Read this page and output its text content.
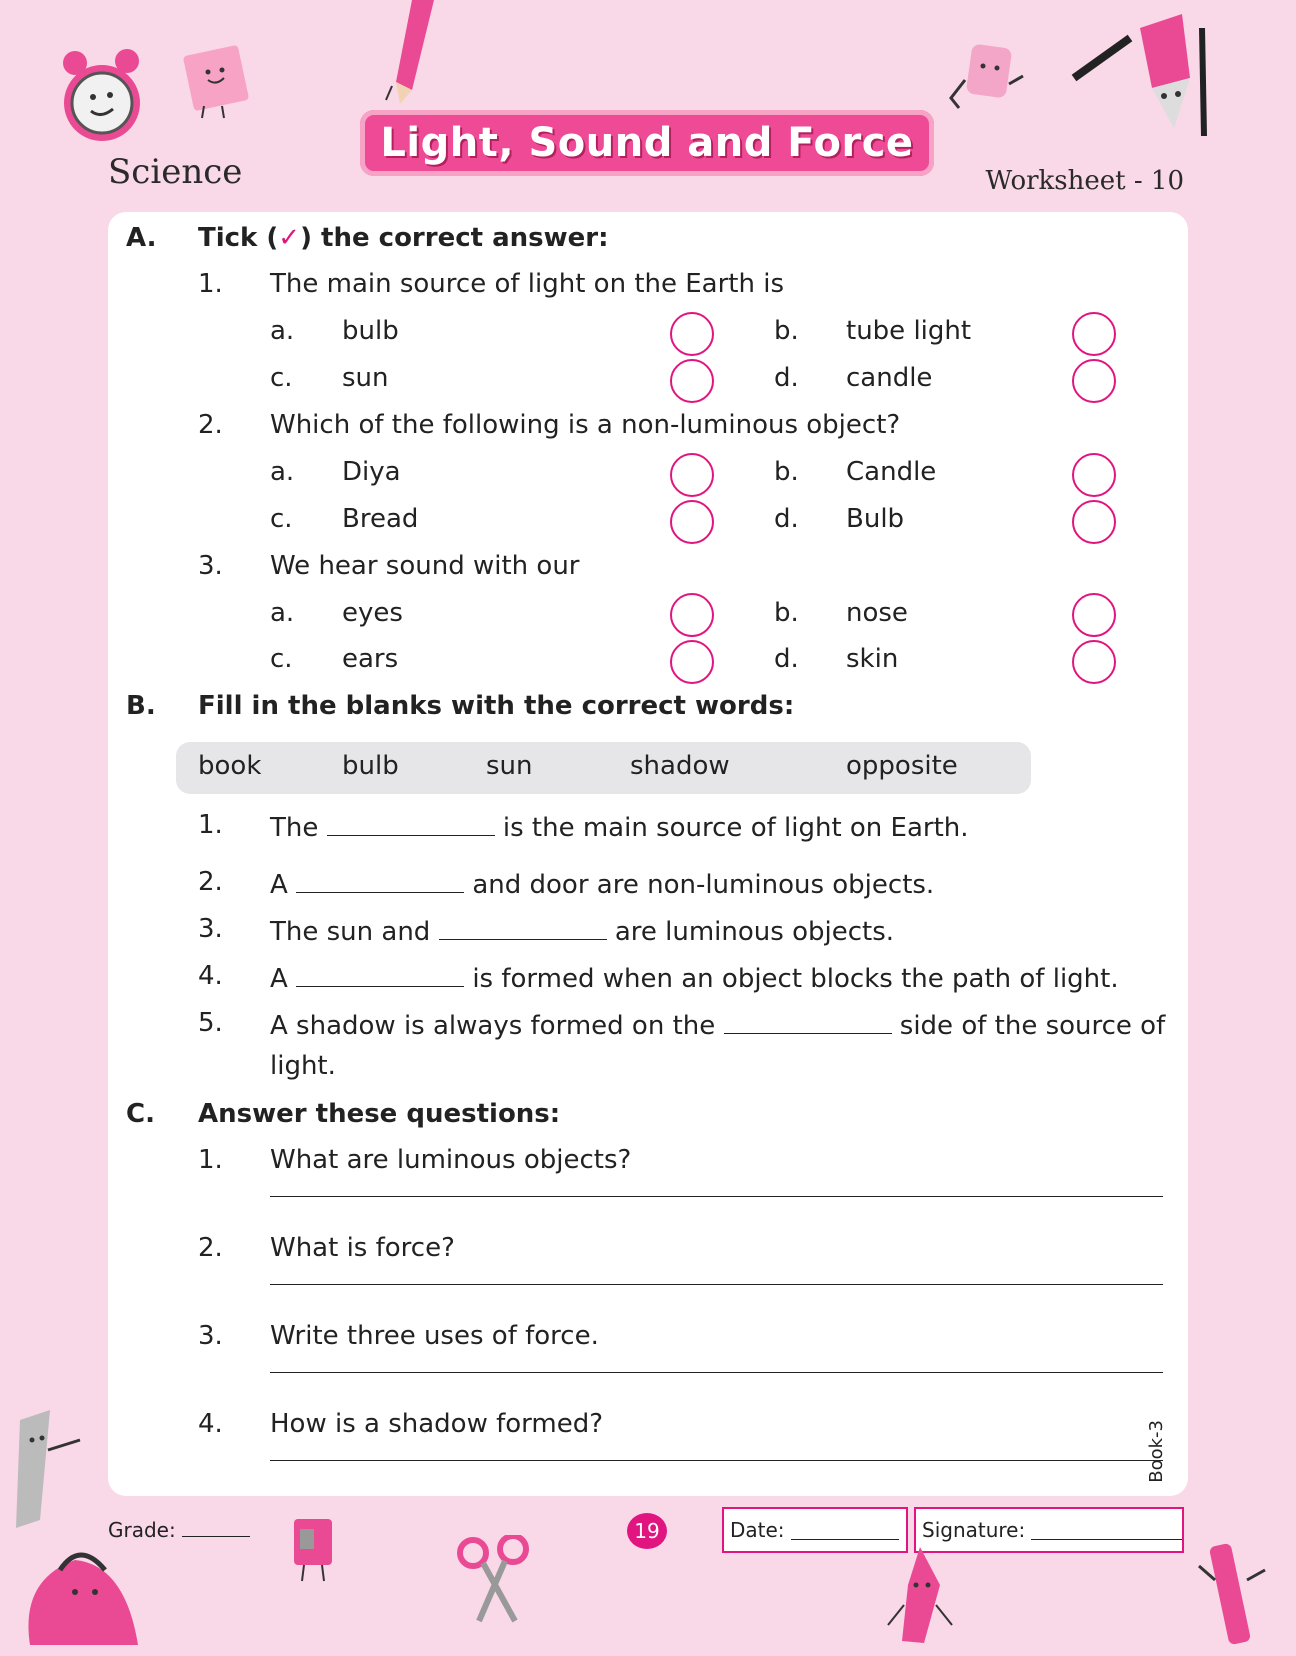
Science
Light, Sound and Force
Worksheet - 10
A. Tick (✓) the correct answer:
1. The main source of light on the Earth is
a. bulb	b. tube light
c. sun	d. candle
2. Which of the following is a non-luminous object?
a. Diya	b. Candle
c. Bread	d. Bulb
3. We hear sound with our
a. eyes	b. nose
c. ears	d. skin
B. Fill in the blanks with the correct words:
book	bulb	sun	shadow	opposite
1. The	is the main source of light on Earth.
2. A	and door are non-luminous objects.
3. The sun and	are luminous objects.
4. A	is formed when an object blocks the path of light.
5. A shadow is always formed on the	side of the source of
light.
C. Answer these questions:
1. What are luminous objects?
2. What is force?
3. Write three uses of force.
4. How is a shadow formed?	Book-3
Grade:	19	Date:	Signature:
